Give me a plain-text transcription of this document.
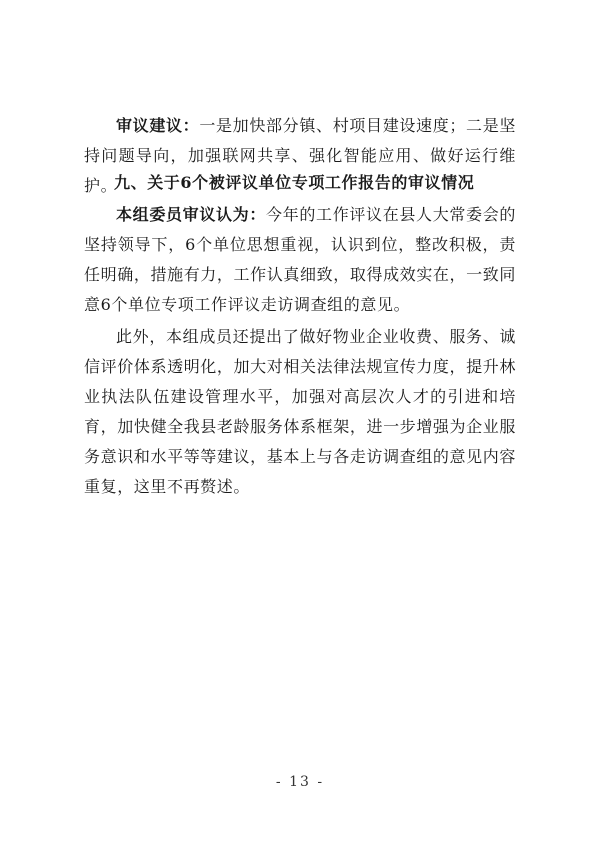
审议建议：一是加快部分镇、村项目建设速度；二是坚持问题导向，加强联网共享、强化智能应用、做好运行维护。
九、关于6个被评议单位专项工作报告的审议情况
本组委员审议认为：今年的工作评议在县人大常委会的坚持领导下，6个单位思想重视，认识到位，整改积极，责任明确，措施有力，工作认真细致，取得成效实在，一致同意6个单位专项工作评议走访调查组的意见。
此外，本组成员还提出了做好物业企业收费、服务、诚信评价体系透明化，加大对相关法律法规宣传力度，提升林业执法队伍建设管理水平，加强对高层次人才的引进和培育，加快健全我县老龄服务体系框架，进一步增强为企业服务意识和水平等等建议，基本上与各走访调查组的意见内容重复，这里不再赘述。
- 13 -
